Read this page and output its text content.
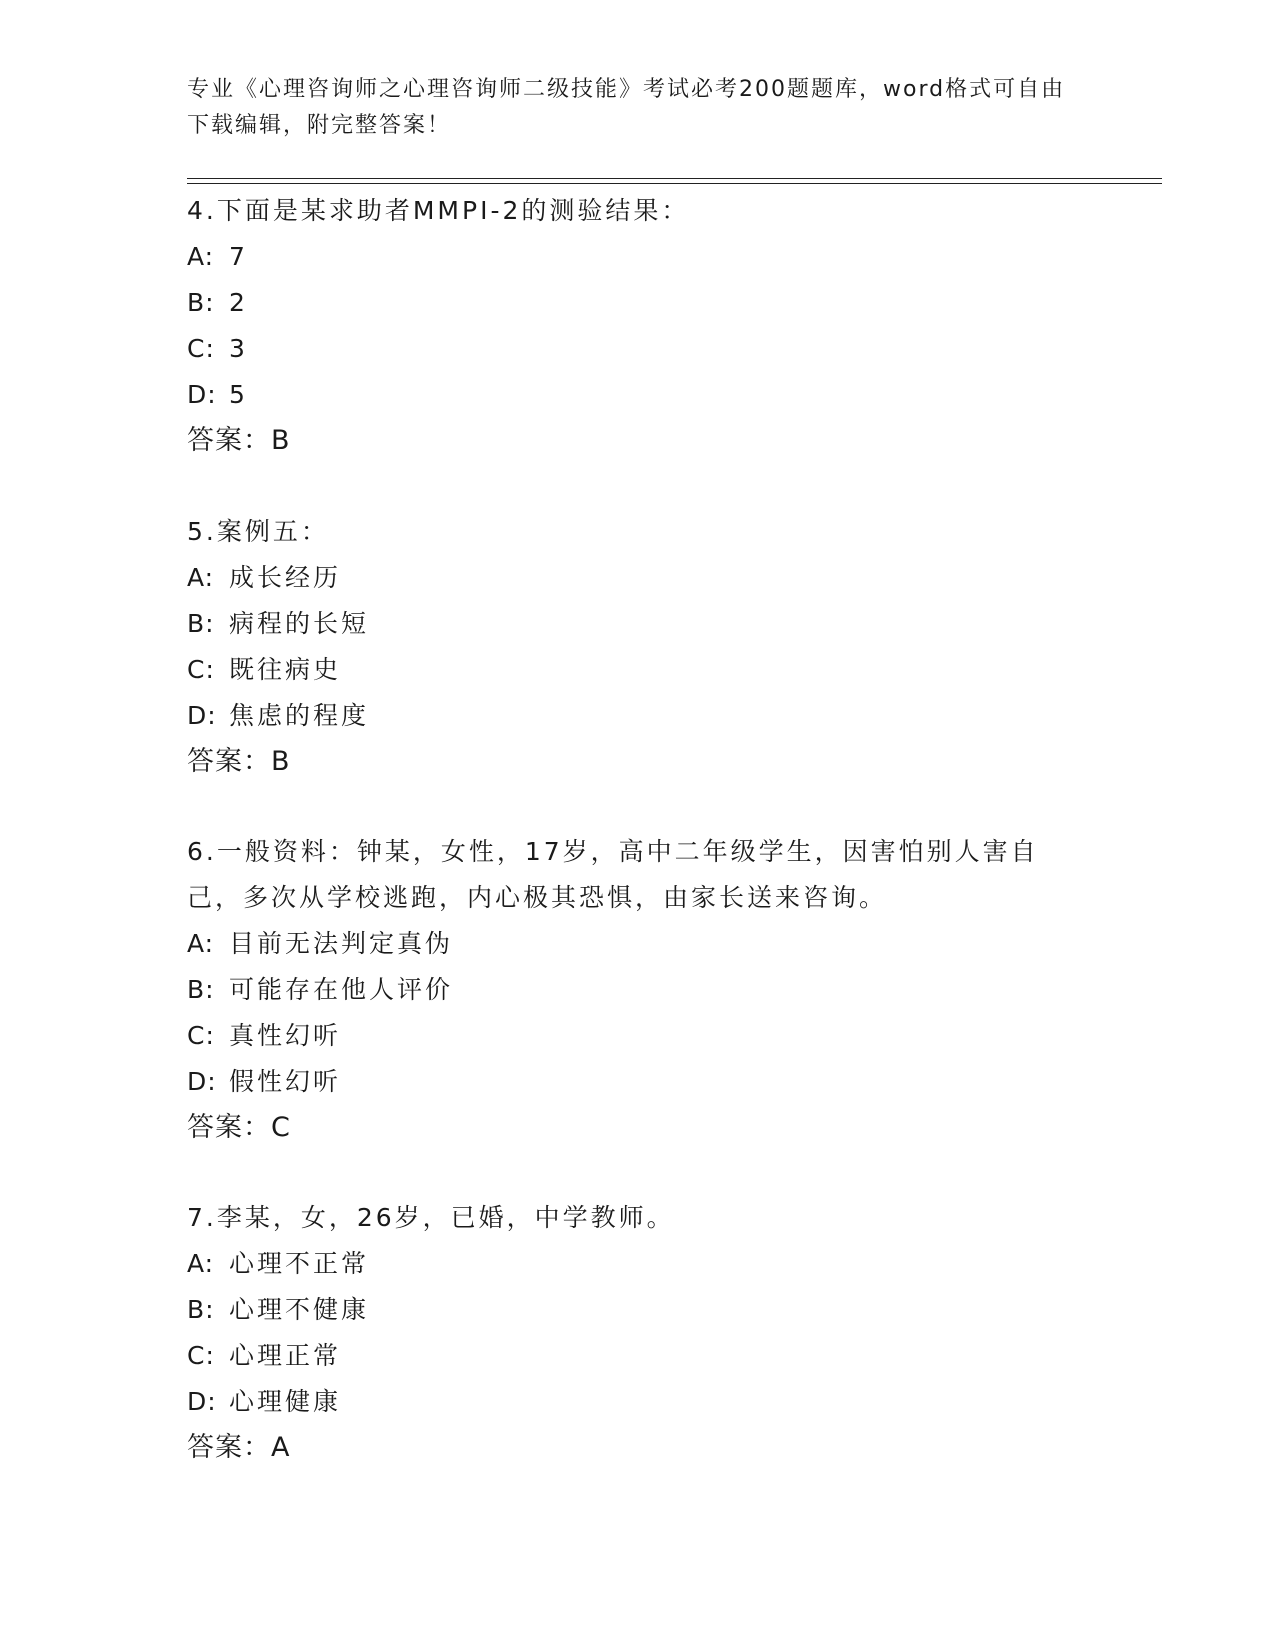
专业《心理咨询师之心理咨询师二级技能》考试必考200题题库，word格式可自由下载编辑，附完整答案！
4.下面是某求助者MMPI-2的测验结果：
A: 7
B: 2
C: 3
D: 5
答案：B
5.案例五：
A: 成长经历
B: 病程的长短
C: 既往病史
D: 焦虑的程度
答案：B
6.一般资料：钟某，女性，17岁，高中二年级学生，因害怕别人害自己，多次从学校逃跑，内心极其恐惧，由家长送来咨询。
A: 目前无法判定真伪
B: 可能存在他人评价
C: 真性幻听
D: 假性幻听
答案：C
7.李某，女，26岁，已婚，中学教师。
A: 心理不正常
B: 心理不健康
C: 心理正常
D: 心理健康
答案：A
